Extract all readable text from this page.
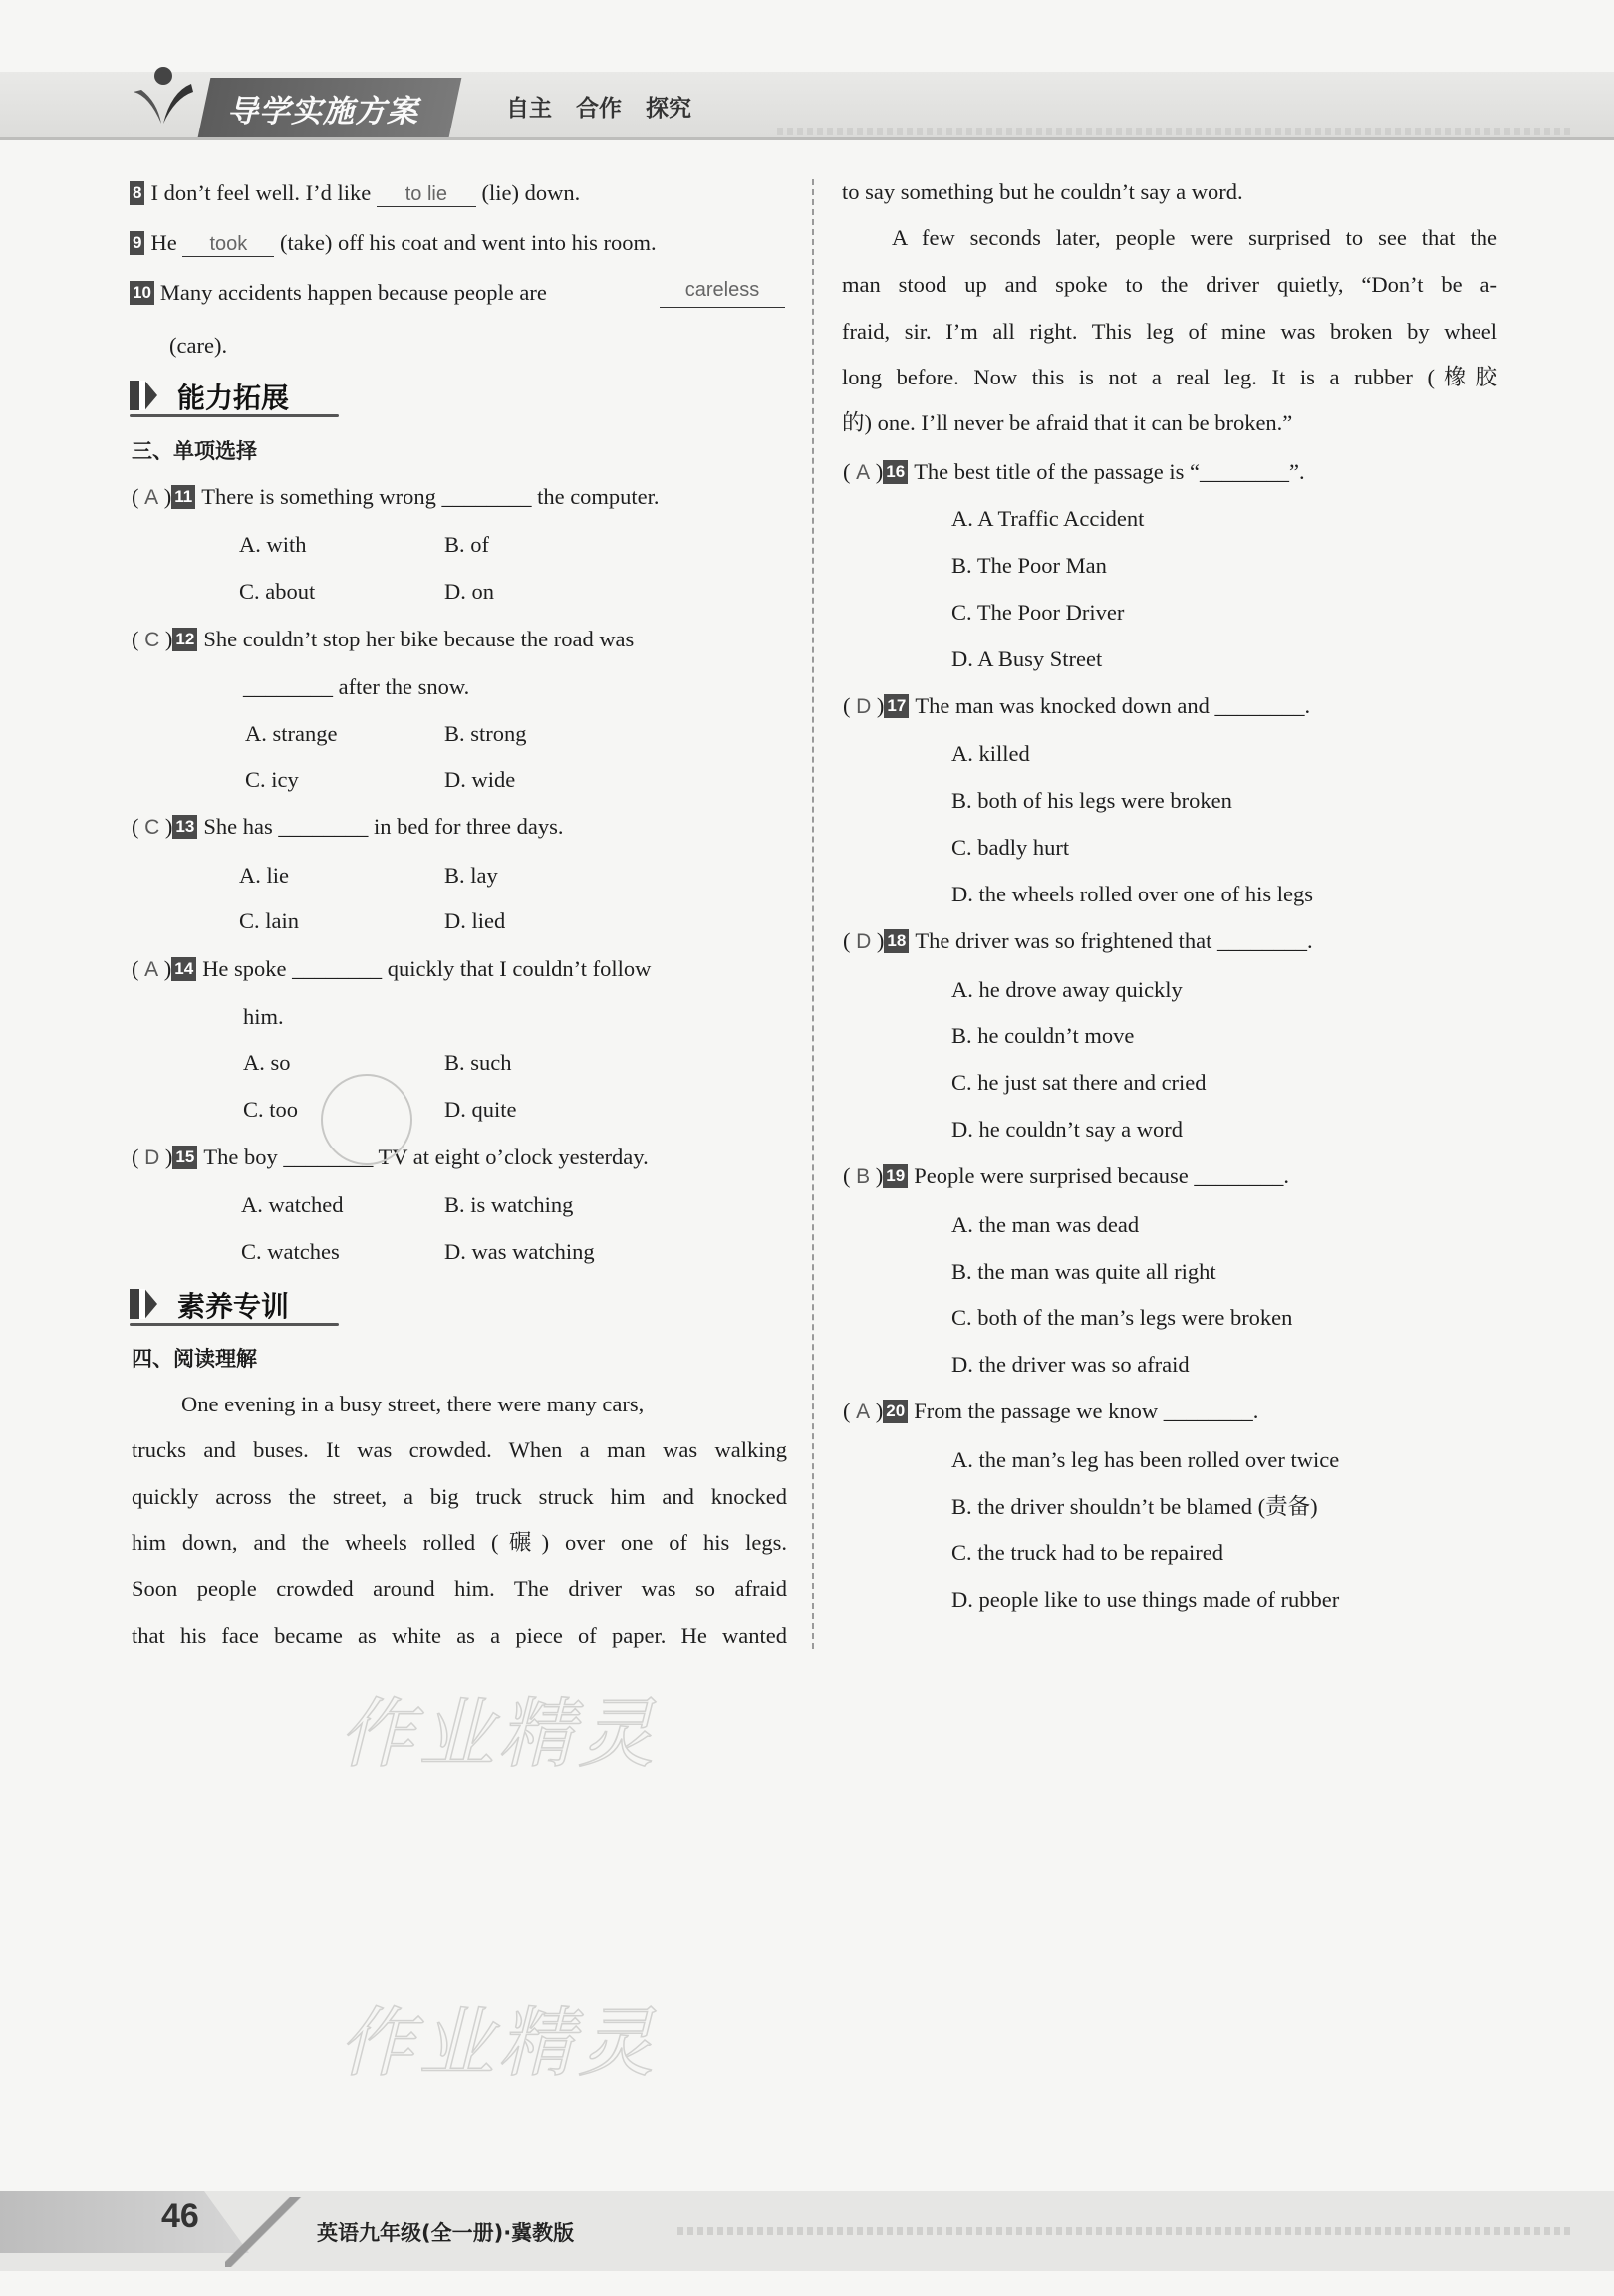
导学实施方案	自主 合作 探究
8 I don’t feel well. I’d like to lie (lie) down.
9 He took (take) off his coat and went into his room.
10 Many accidents happen because people are	careless
(care).
能力拓展
三、单项选择
( A ) 11 There is something wrong ________ the computer.
A. with	B. of
C. about	D. on
( C ) 12 She couldn’t stop her bike because the road was
________ after the snow.
A. strange	B. strong
C. icy	D. wide
( C ) 13 She has ________ in bed for three days.
A. lie	B. lay
C. lain	D. lied
( A ) 14 He spoke ________ quickly that I couldn’t follow
him.
A. so	B. such
C. too	D. quite
( D ) 15 The boy ________ TV at eight o’clock yesterday.
A. watched	B. is watching
C. watches	D. was watching
素养专训
四、阅读理解
One evening in a busy street, there were many cars,
trucks and buses. It was crowded. When a man was walking
quickly across the street, a big truck struck him and knocked
him down, and the wheels rolled (碾) over one of his legs.
Soon people crowded around him. The driver was so afraid
that his face became as white as a piece of paper. He wanted
to say something but he couldn’t say a word.
A few seconds later, people were surprised to see that the
man stood up and spoke to the driver quietly, “Don’t be a-
fraid, sir. I’m all right. This leg of mine was broken by wheel
long before. Now this is not a real leg. It is a rubber (橡胶
的) one. I’ll never be afraid that it can be broken.”
( A ) 16 The best title of the passage is “________”.
A. A Traffic Accident
B. The Poor Man
C. The Poor Driver
D. A Busy Street
( D ) 17 The man was knocked down and ________.
A. killed
B. both of his legs were broken
C. badly hurt
D. the wheels rolled over one of his legs
( D ) 18 The driver was so frightened that ________.
A. he drove away quickly
B. he couldn’t move
C. he just sat there and cried
D. he couldn’t say a word
( B ) 19 People were surprised because ________.
A. the man was dead
B. the man was quite all right
C. both of the man’s legs were broken
D. the driver was so afraid
( A ) 20 From the passage we know ________.
A. the man’s leg has been rolled over twice
B. the driver shouldn’t be blamed (责备)
C. the truck had to be repaired
D. people like to use things made of rubber
作业精灵
作业精灵
46	英语九年级(全一册)·冀教版
